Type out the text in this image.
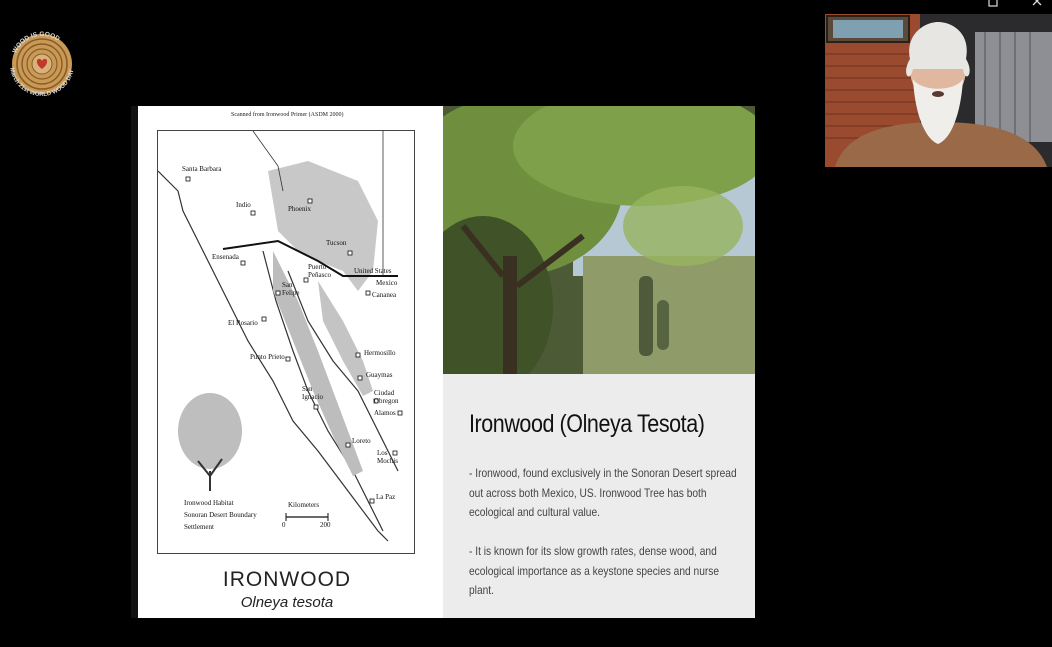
WOOD IS GOOD
March 21st WORLD WOOD DAY
Scanned from Ironwood Primer (ASDM 2000)
Santa Barbara
Indio	Phoenix
Tucson
Ensenada
Puerto Peñasco	United States
Mexico
Cananea
San Felipe
El Rosario
Hermosillo
Punto Prieto
Guaymas
San Ignacio	Ciudad Obregon
Alamos
Loreto
Los Mochis
La Paz
Ironwood Habitat
Sonoran Desert Boundary
Settlement
Kilometers
0	200
IRONWOOD
Olneya tesota
Ironwood (Olneya Tesota)
- Ironwood, found exclusively in the Sonoran Desert spread out across both Mexico, US. Ironwood Tree has both ecological and cultural value.
- It is known for its slow growth rates, dense wood, and ecological importance as a keystone species and nurse plant.
